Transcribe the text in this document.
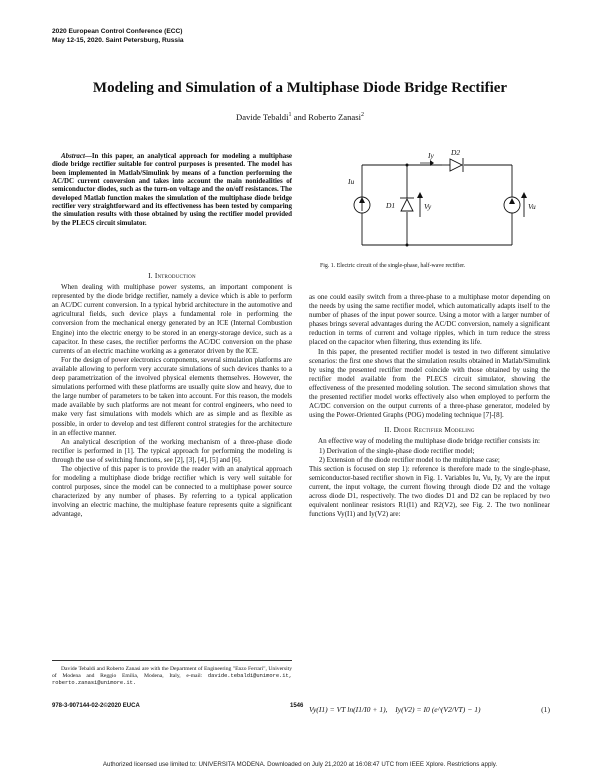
2020 European Control Conference (ECC)
May 12-15, 2020. Saint Petersburg, Russia
Modeling and Simulation of a Multiphase Diode Bridge Rectifier
Davide Tebaldi$^1$ and Roberto Zanasi$^2$
Abstract—In this paper, an analytical approach for modeling a multiphase diode bridge rectifier suitable for control purposes is presented. The model has been implemented in Matlab/Simulink by means of a function performing the AC/DC current conversion and takes into account the main nonidealities of semiconductor diodes, such as the turn-on voltage and the on/off resistances. The developed Matlab function makes the simulation of the multiphase diode bridge rectifier very straightforward and its effectiveness has been tested by comparing the simulation results with those obtained by using the rectifier model provided by the PLECS circuit simulator.
I. Introduction

When dealing with multiphase power systems, an important component is represented by the diode bridge rectifier, namely a device which is able to perform an AC/DC current conversion. In a typical hybrid architecture in the automotive and agricultural fields, such device plays a fundamental role in performing the conversion from the mechanical energy generated by an ICE (Internal Combustion Engine) into the electric energy to be stored in an energy-storage device, such as a capacitor. In these cases, the rectifier performs the AC/DC conversion on the phase currents of an electric machine working as a generator driven by the ICE.

For the design of power electronics components, several simulation platforms are available allowing to perform very accurate simulations of such devices thanks to a deep parametrization of the involved physical elements themselves. However, the simulations performed with these platforms are usually quite slow and heavy, due to the large number of parameters to be taken into account. For this reason, the models made available by such platforms are not meant for control engineers, who need to make very fast simulations with models which are as simple and as flexible as possible, in order to develop and test different control strategies for the architecture in an effective manner.

An analytical description of the working mechanism of a three-phase diode rectifier is performed in [1]. The typical approach for performing the modeling is through the use of switching functions, see [2], [3], [4], [5] and [6].

The objective of this paper is to provide the reader with an analytical approach for modeling a multiphase diode bridge rectifier which is very well suitable for control purposes, since the model can be connected to a multiphase power source characterized by any number of phases. By referring to a typical application involving an electric machine, the multiphase feature represents quite a significant advantage,

Davide Tebaldi and Roberto Zanasi are with the Department of Engineering "Enzo Ferrari", University of Modena and Reggio Emilia, Modena, Italy, e-mail: davide.tebaldi@unimore.it, roberto.zanasi@unimore.it.
Iu
Iy D2
D1	Vy	Vu
Fig. 1. Electric circuit of the single-phase, half-wave rectifier.

as one could easily switch from a three-phase to a multiphase motor depending on the needs by using the same rectifier model, which automatically adapts itself to the number of phases of the input power source. Using a motor with a larger number of phases brings several advantages during the AC/DC conversion, namely a significant reduction in terms of current and voltage ripples, which in turn reduce the stress placed on the capacitor when filtering, thus extending its life.

In this paper, the presented rectifier model is tested in two different simulative scenarios: the first one shows that the simulation results obtained in Matlab/Simulink by using the presented rectifier model coincide with those obtained by using the rectifier model available from the PLECS circuit simulator, showing the effectiveness of the presented modeling solution. The second simulation shows that the presented rectifier model works effectively also when employed to perform the AC/DC conversion on the output currents of a three-phase generator, modeled by using the Power-Oriented Graphs (POG) modeling technique [7]-[8].

II. Diode Rectifier Modeling

An effective way of modeling the multiphase diode bridge rectifier consists in:

1) Derivation of the single-phase diode rectifier model;
2) Extension of the diode rectifier model to the multiphase case;

This section is focused on step 1): reference is therefore made to the single-phase, semiconductor-based rectifier shown in Fig. 1. Variables Iu, Vu, Iy, Vy are the input current, the input voltage, the current flowing through diode D2 and the voltage across diode D1, respectively. The two diodes D1 and D2 can be replaced by two equivalent nonlinear resistors R1(I1) and R2(V2), see Fig. 2. The two nonlinear functions Vy(I1) and Iy(V2) are:

Vy(I1) = VT ln(I1/I0 + 1), Iy(V2) = I0 (e^(V2/VT) − 1)	(1)
978-3-907144-02-2©2020 EUCA	1546
Authorized licensed use limited to: UNIVERSITA MODENA. Downloaded on July 21,2020 at 16:08:47 UTC from IEEE Xplore. Restrictions apply.
